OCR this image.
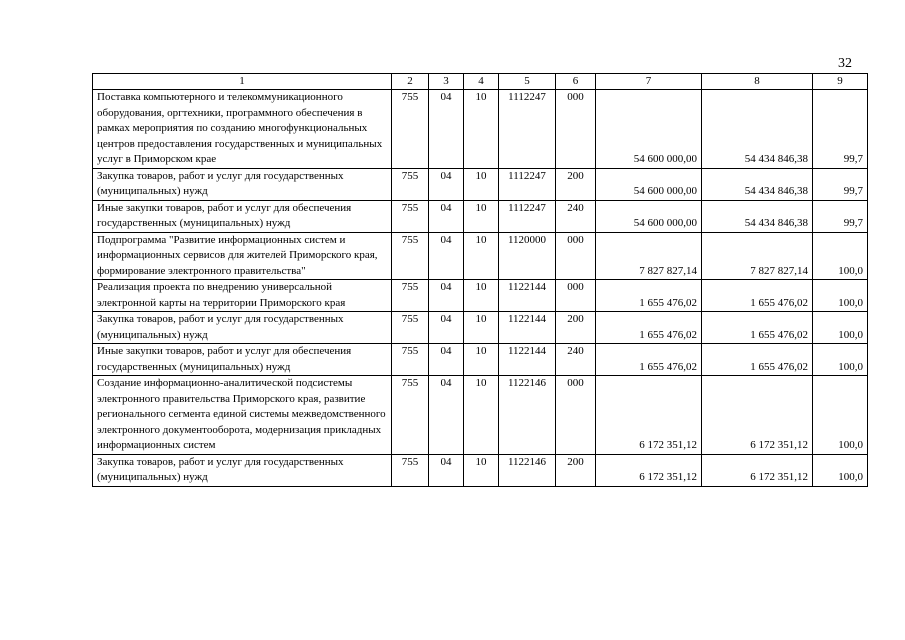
32
1	2	3	4	5	6	7	8	9
Поставка компьютерного и телекоммуникационного оборудования, оргтехники, программного обеспечения в рамках мероприятия по созданию многофункциональных центров предоставления государственных и муниципальных услуг в Приморском крае	755	04	10	1112247	000	54 600 000,00	54 434 846,38	99,7
Закупка товаров, работ и услуг для государственных (муниципальных) нужд	755	04	10	1112247	200	54 600 000,00	54 434 846,38	99,7
Иные закупки товаров, работ и услуг для обеспечения государственных (муниципальных) нужд	755	04	10	1112247	240	54 600 000,00	54 434 846,38	99,7
Подпрограмма "Развитие информационных систем и информационных сервисов для жителей Приморского края, формирование электронного правительства"	755	04	10	1120000	000	7 827 827,14	7 827 827,14	100,0
Реализация проекта по внедрению универсальной электронной карты на территории Приморского края	755	04	10	1122144	000	1 655 476,02	1 655 476,02	100,0
Закупка товаров, работ и услуг для государственных (муниципальных) нужд	755	04	10	1122144	200	1 655 476,02	1 655 476,02	100,0
Иные закупки товаров, работ и услуг для обеспечения государственных (муниципальных) нужд	755	04	10	1122144	240	1 655 476,02	1 655 476,02	100,0
Создание информационно-аналитической подсистемы электронного правительства Приморского края, развитие регионального сегмента единой системы межведомственного электронного документооборота, модернизация прикладных информационных систем	755	04	10	1122146	000	6 172 351,12	6 172 351,12	100,0
Закупка товаров, работ и услуг для государственных (муниципальных) нужд	755	04	10	1122146	200	6 172 351,12	6 172 351,12	100,0
